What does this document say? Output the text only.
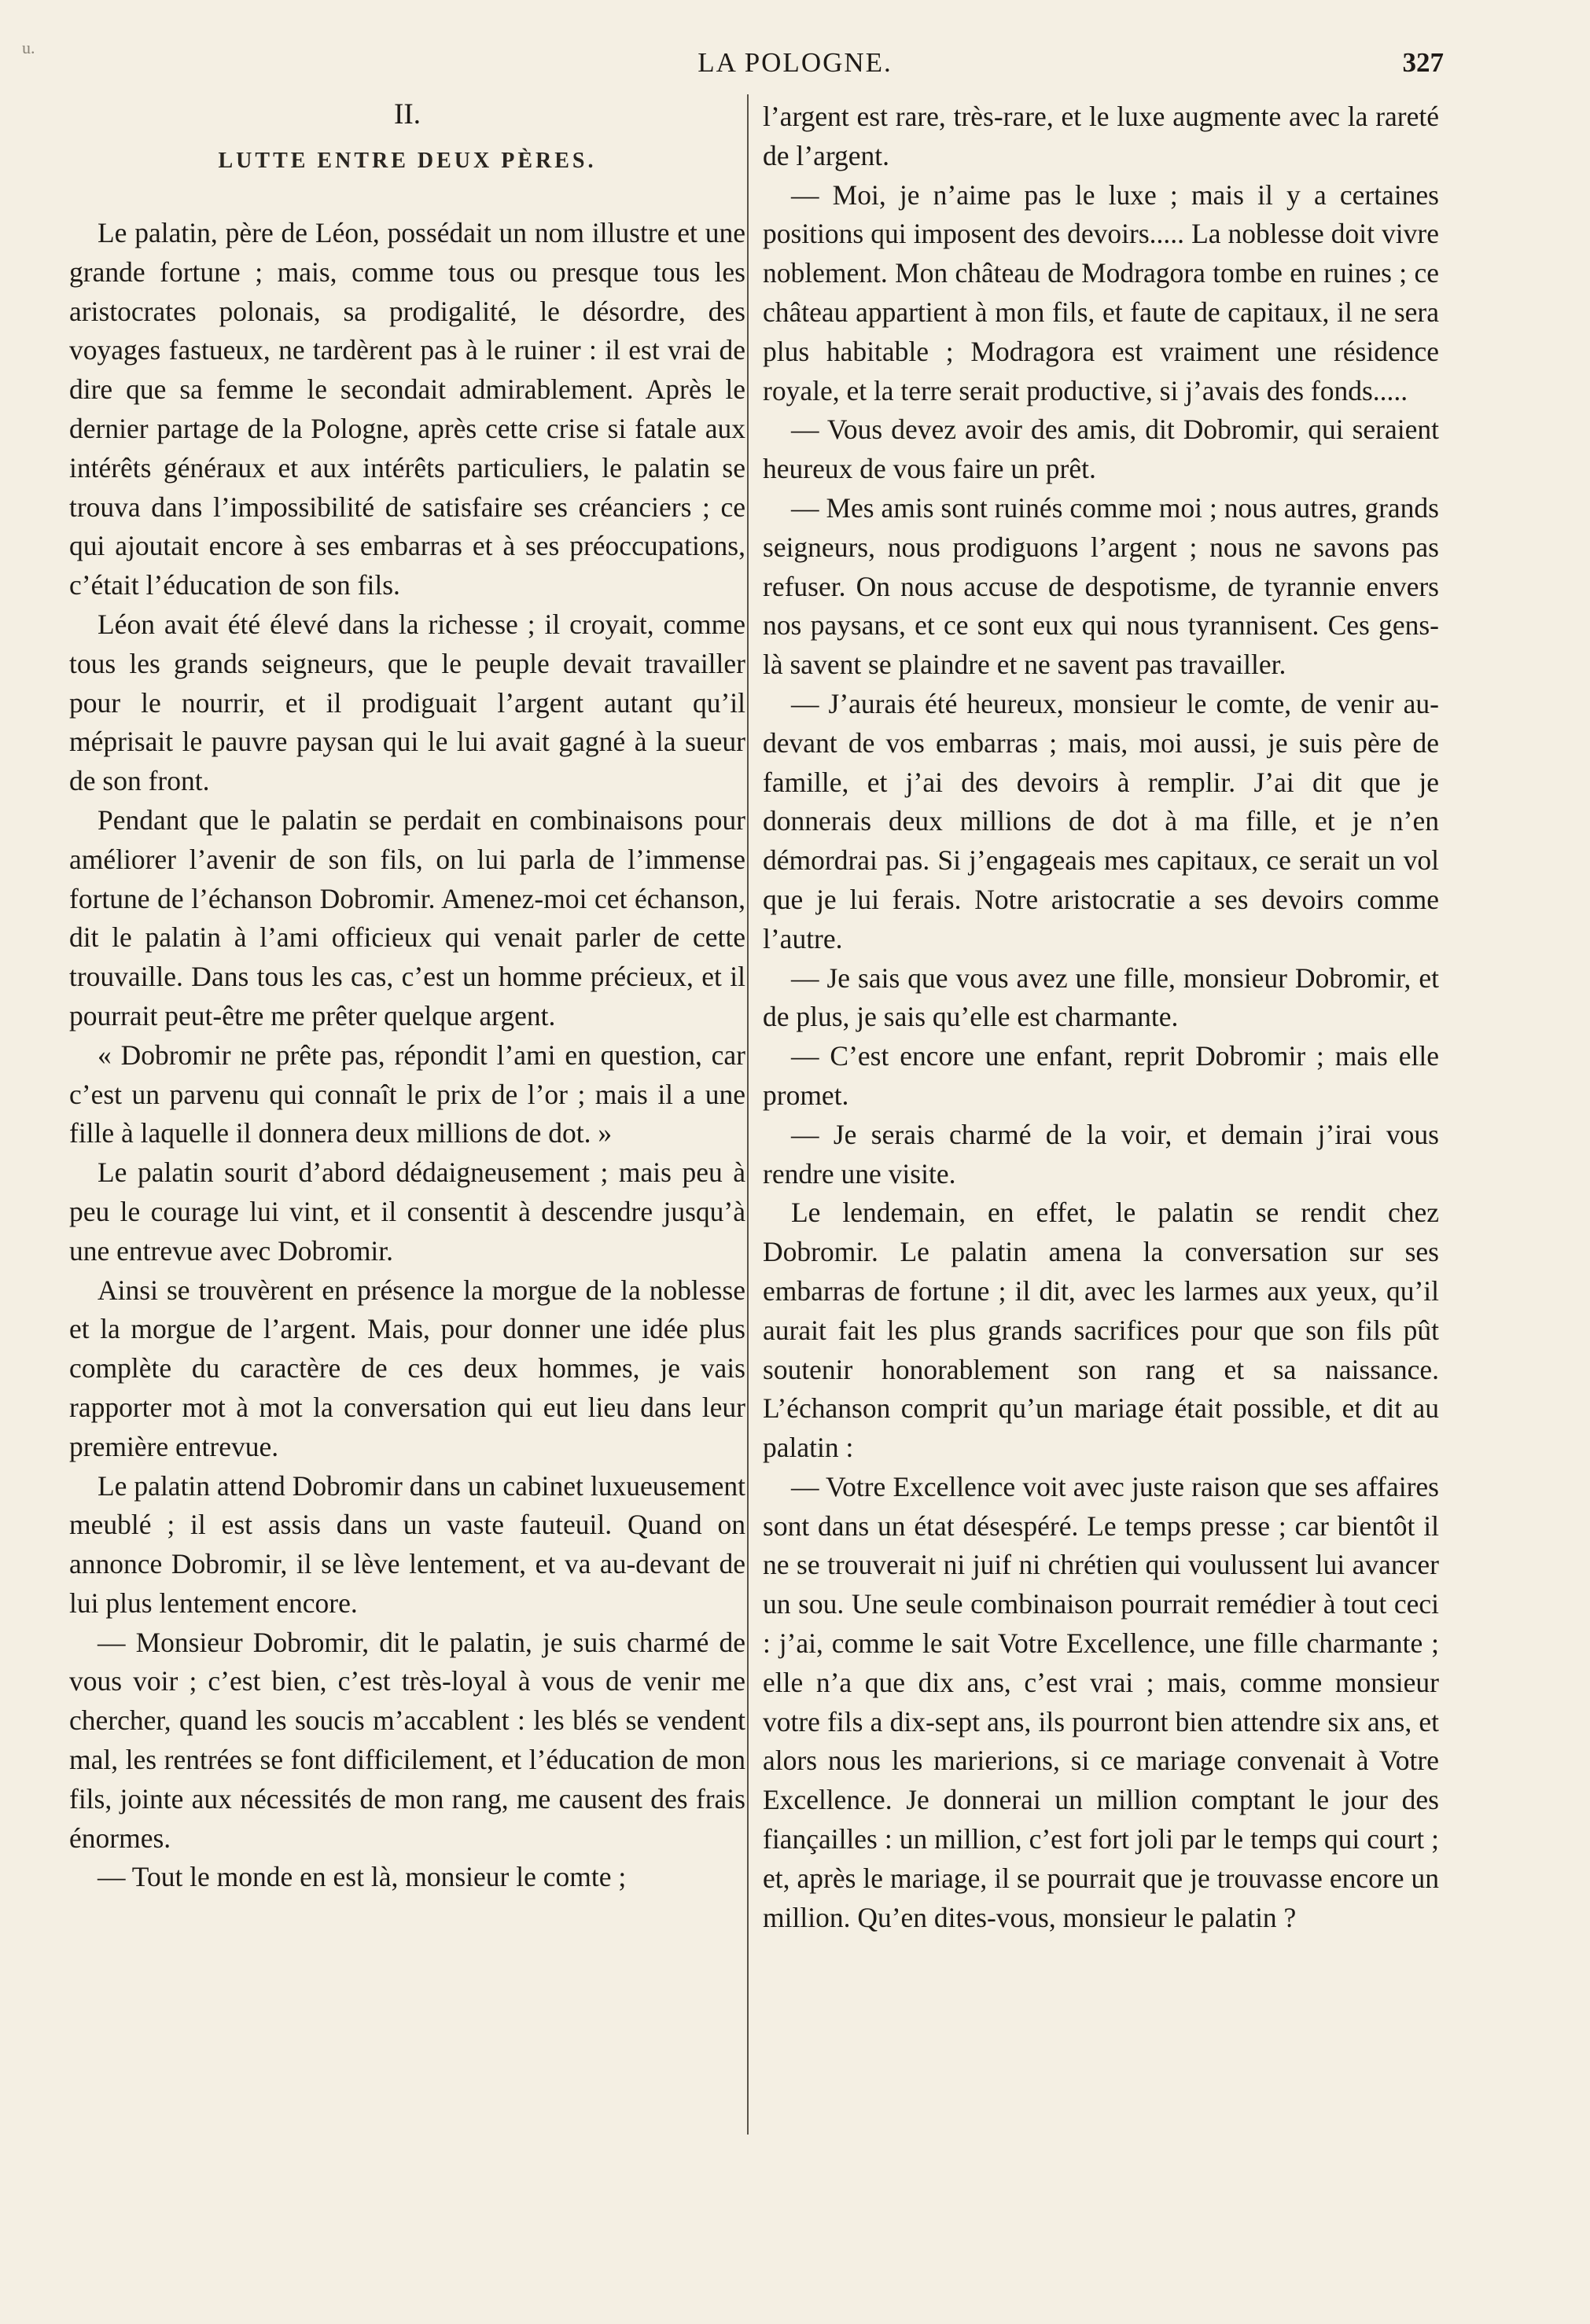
u.	LA POLOGNE.	327
II.
LUTTE ENTRE DEUX PÈRES.

Le palatin, père de Léon, possédait un nom illustre et une grande fortune ; mais, comme tous ou presque tous les aristocrates polonais, sa prodigalité, le désordre, des voyages fastueux, ne tardèrent pas à le ruiner : il est vrai de dire que sa femme le secondait admirablement. Après le dernier partage de la Pologne, après cette crise si fatale aux intérêts généraux et aux intérêts particuliers, le palatin se trouva dans l’impossibilité de satisfaire ses créanciers ; ce qui ajoutait encore à ses embarras et à ses préoccupations, c’était l’éducation de son fils.

Léon avait été élevé dans la richesse ; il croyait, comme tous les grands seigneurs, que le peuple devait travailler pour le nourrir, et il prodiguait l’argent autant qu’il méprisait le pauvre paysan qui le lui avait gagné à la sueur de son front.

Pendant que le palatin se perdait en combinaisons pour améliorer l’avenir de son fils, on lui parla de l’immense fortune de l’échanson Dobromir. Amenez-moi cet échanson, dit le palatin à l’ami officieux qui venait parler de cette trouvaille. Dans tous les cas, c’est un homme précieux, et il pourrait peut-être me prêter quelque argent.

« Dobromir ne prête pas, répondit l’ami en question, car c’est un parvenu qui connaît le prix de l’or ; mais il a une fille à laquelle il donnera deux millions de dot. »

Le palatin sourit d’abord dédaigneusement ; mais peu à peu le courage lui vint, et il consentit à descendre jusqu’à une entrevue avec Dobromir.

Ainsi se trouvèrent en présence la morgue de la noblesse et la morgue de l’argent. Mais, pour donner une idée plus complète du caractère de ces deux hommes, je vais rapporter mot à mot la conversation qui eut lieu dans leur première entrevue.

Le palatin attend Dobromir dans un cabinet luxueusement meublé ; il est assis dans un vaste fauteuil. Quand on annonce Dobromir, il se lève lentement, et va au-devant de lui plus lentement encore.

— Monsieur Dobromir, dit le palatin, je suis charmé de vous voir ; c’est bien, c’est très-loyal à vous de venir me chercher, quand les soucis m’accablent : les blés se vendent mal, les rentrées se font difficilement, et l’éducation de mon fils, jointe aux nécessités de mon rang, me causent des frais énormes.

— Tout le monde en est là, monsieur le comte ;

l’argent est rare, très-rare, et le luxe augmente avec la rareté de l’argent.

— Moi, je n’aime pas le luxe ; mais il y a certaines positions qui imposent des devoirs..... La noblesse doit vivre noblement. Mon château de Modragora tombe en ruines ; ce château appartient à mon fils, et faute de capitaux, il ne sera plus habitable ; Modragora est vraiment une résidence royale, et la terre serait productive, si j’avais des fonds.....

— Vous devez avoir des amis, dit Dobromir, qui seraient heureux de vous faire un prêt.

— Mes amis sont ruinés comme moi ; nous autres, grands seigneurs, nous prodiguons l’argent ; nous ne savons pas refuser. On nous accuse de despotisme, de tyrannie envers nos paysans, et ce sont eux qui nous tyrannisent. Ces gens-là savent se plaindre et ne savent pas travailler.

— J’aurais été heureux, monsieur le comte, de venir au-devant de vos embarras ; mais, moi aussi, je suis père de famille, et j’ai des devoirs à remplir. J’ai dit que je donnerais deux millions de dot à ma fille, et je n’en démordrai pas. Si j’engageais mes capitaux, ce serait un vol que je lui ferais. Notre aristocratie a ses devoirs comme l’autre.

— Je sais que vous avez une fille, monsieur Dobromir, et de plus, je sais qu’elle est charmante.

— C’est encore une enfant, reprit Dobromir ; mais elle promet.

— Je serais charmé de la voir, et demain j’irai vous rendre une visite.

Le lendemain, en effet, le palatin se rendit chez Dobromir. Le palatin amena la conversation sur ses embarras de fortune ; il dit, avec les larmes aux yeux, qu’il aurait fait les plus grands sacrifices pour que son fils pût soutenir honorablement son rang et sa naissance. L’échanson comprit qu’un mariage était possible, et dit au palatin :

— Votre Excellence voit avec juste raison que ses affaires sont dans un état désespéré. Le temps presse ; car bientôt il ne se trouverait ni juif ni chrétien qui voulussent lui avancer un sou. Une seule combinaison pourrait remédier à tout ceci : j’ai, comme le sait Votre Excellence, une fille charmante ; elle n’a que dix ans, c’est vrai ; mais, comme monsieur votre fils a dix-sept ans, ils pourront bien attendre six ans, et alors nous les marierions, si ce mariage convenait à Votre Excellence. Je donnerai un million comptant le jour des fiançailles : un million, c’est fort joli par le temps qui court ; et, après le mariage, il se pourrait que je trouvasse encore un million. Qu’en dites-vous, monsieur le palatin ?
